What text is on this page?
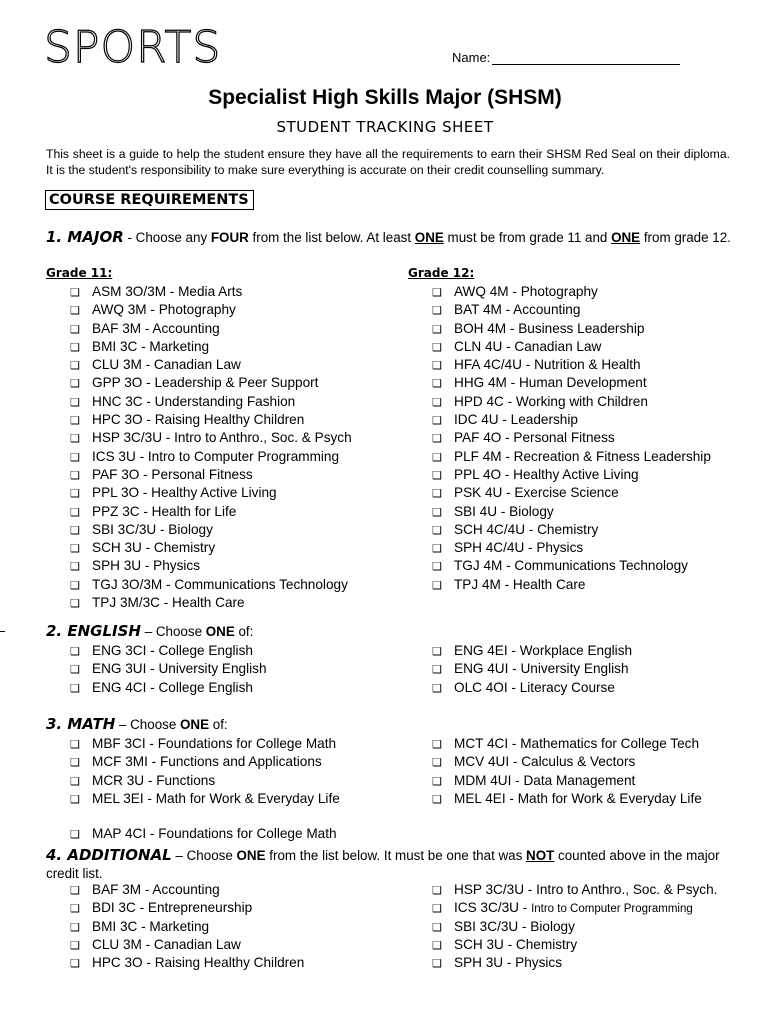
SPORTS	Name:
Specialist High Skills Major (SHSM)
STUDENT TRACKING SHEET
This sheet is a guide to help the student ensure they have all the requirements to earn their SHSM Red Seal on their diploma. It is the student's responsibility to make sure everything is accurate on their credit counselling summary.
COURSE REQUIREMENTS
1. MAJOR - Choose any FOUR from the list below. At least ONE must be from grade 11 and ONE from grade 12.
Grade 11:	Grade 12:
❑ ASM 3O/3M - Media Arts
❑ AWQ 3M - Photography
❑ BAF 3M - Accounting
❑ BMI 3C - Marketing
❑ CLU 3M - Canadian Law
❑ GPP 3O - Leadership & Peer Support
❑ HNC 3C - Understanding Fashion
❑ HPC 3O - Raising Healthy Children
❑ HSP 3C/3U - Intro to Anthro., Soc. & Psych
❑ ICS 3U - Intro to Computer Programming
❑ PAF 3O - Personal Fitness
❑ PPL 3O - Healthy Active Living
❑ PPZ 3C - Health for Life
❑ SBI 3C/3U - Biology
❑ SCH 3U - Chemistry
❑ SPH 3U - Physics
❑ TGJ 3O/3M - Communications Technology
❑ TPJ 3M/3C - Health Care
❑ AWQ 4M - Photography
❑ BAT 4M - Accounting
❑ BOH 4M - Business Leadership
❑ CLN 4U - Canadian Law
❑ HFA 4C/4U - Nutrition & Health
❑ HHG 4M - Human Development
❑ HPD 4C - Working with Children
❑ IDC 4U - Leadership
❑ PAF 4O - Personal Fitness
❑ PLF 4M - Recreation & Fitness Leadership
❑ PPL 4O - Healthy Active Living
❑ PSK 4U - Exercise Science
❑ SBI 4U - Biology
❑ SCH 4C/4U - Chemistry
❑ SPH 4C/4U - Physics
❑ TGJ 4M - Communications Technology
❑ TPJ 4M - Health Care
2. ENGLISH – Choose ONE of:
❑ ENG 3CI - College English
❑ ENG 3UI - University English
❑ ENG 4CI - College English
❑ ENG 4EI - Workplace English
❑ ENG 4UI - University English
❑ OLC 4OI - Literacy Course
3. MATH – Choose ONE of:
❑ MBF 3CI - Foundations for College Math
❑ MCF 3MI - Functions and Applications
❑ MCR 3U - Functions
❑ MEL 3EI - Math for Work & Everyday Life
❑ MCT 4CI - Mathematics for College Tech
❑ MCV 4UI - Calculus & Vectors
❑ MDM 4UI - Data Management
❑ MEL 4EI - Math for Work & Everyday Life
❑ MAP 4CI - Foundations for College Math
4. ADDITIONAL – Choose ONE from the list below. It must be one that was NOT counted above in the major credit list.
❑ BAF 3M - Accounting
❑ BDI 3C - Entrepreneurship
❑ BMI 3C - Marketing
❑ CLU 3M - Canadian Law
❑ HPC 3O - Raising Healthy Children
❑ HSP 3C/3U - Intro to Anthro., Soc. & Psych.
❑ ICS 3C/3U - Intro to Computer Programming
❑ SBI 3C/3U - Biology
❑ SCH 3U - Chemistry
❑ SPH 3U - Physics
